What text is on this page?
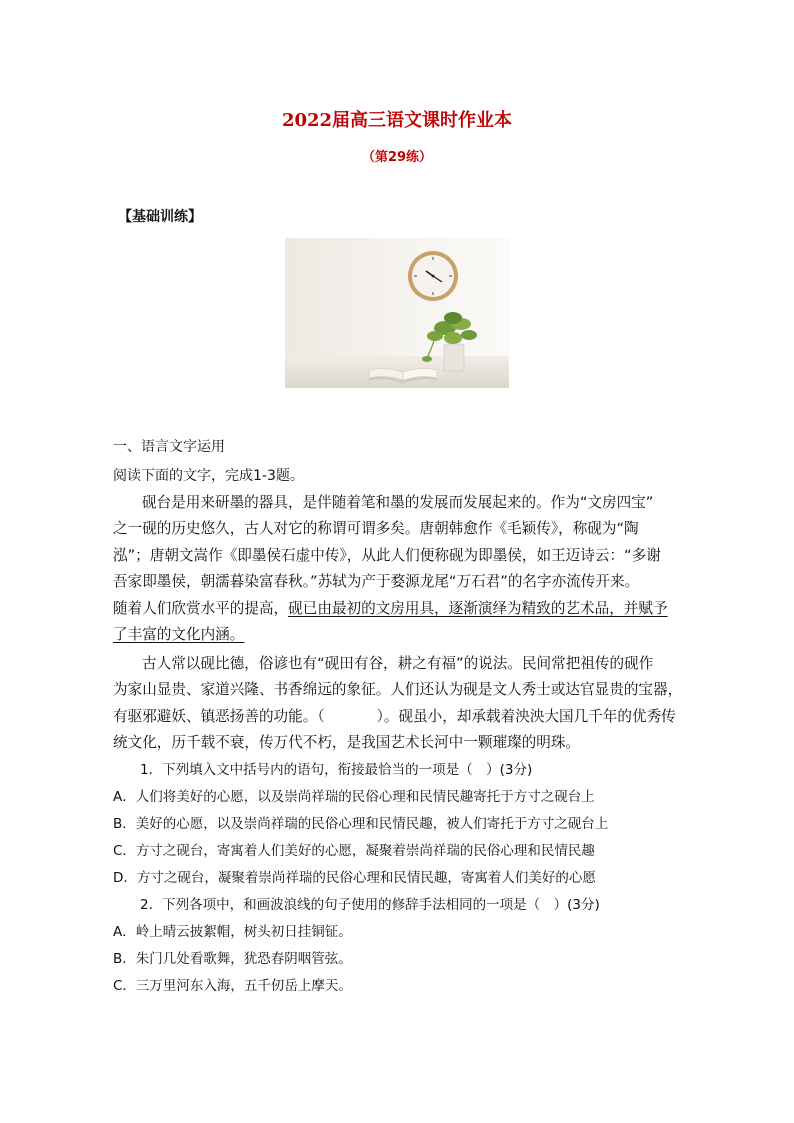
2022届高三语文课时作业本
（第29练）
【基础训练】
一、语言文字运用
阅读下面的文字，完成1-3题。
砚台是用来研墨的器具，是伴随着笔和墨的发展而发展起来的。作为“文房四宝”
之一砚的历史悠久，古人对它的称谓可谓多矣。唐朝韩愈作《毛颖传》，称砚为“陶
泓”；唐朝文嵩作《即墨侯石虚中传》，从此人们便称砚为即墨侯，如王迈诗云：“多谢
吾家即墨侯，朝濡暮染富春秋。”苏轼为产于婺源龙尾“万石君”的名字亦流传开来。
随着人们欣赏水平的提高，砚已由最初的文房用具，逐渐演绎为精致的艺术品，并赋予
了丰富的文化内涵。
古人常以砚比德，俗谚也有“砚田有谷，耕之有福”的说法。民间常把祖传的砚作
为家山显贵、家道兴隆、书香绵远的象征。人们还认为砚是文人秀士或达官显贵的宝器，
有驱邪避妖、镇恶扬善的功能。（	）。砚虽小，却承载着泱泱大国几千年的优秀传
统文化，历千载不衰，传万代不朽，是我国艺术长河中一颗璀璨的明珠。
1．下列填入文中括号内的语句，衔接最恰当的一项是（　）(3分)
A．人们将美好的心愿，以及崇尚祥瑞的民俗心理和民情民趣寄托于方寸之砚台上
B．美好的心愿，以及崇尚祥瑞的民俗心理和民情民趣，被人们寄托于方寸之砚台上
C．方寸之砚台，寄寓着人们美好的心愿，凝聚着崇尚祥瑞的民俗心理和民情民趣
D．方寸之砚台，凝聚着崇尚祥瑞的民俗心理和民情民趣，寄寓着人们美好的心愿
2．下列各项中，和画波浪线的句子使用的修辞手法相同的一项是（　）(3分)
A．岭上晴云披絮帽，树头初日挂铜钲。
B．朱门几处看歌舞，犹恐春阴咽管弦。
C．三万里河东入海，五千仞岳上摩天。
